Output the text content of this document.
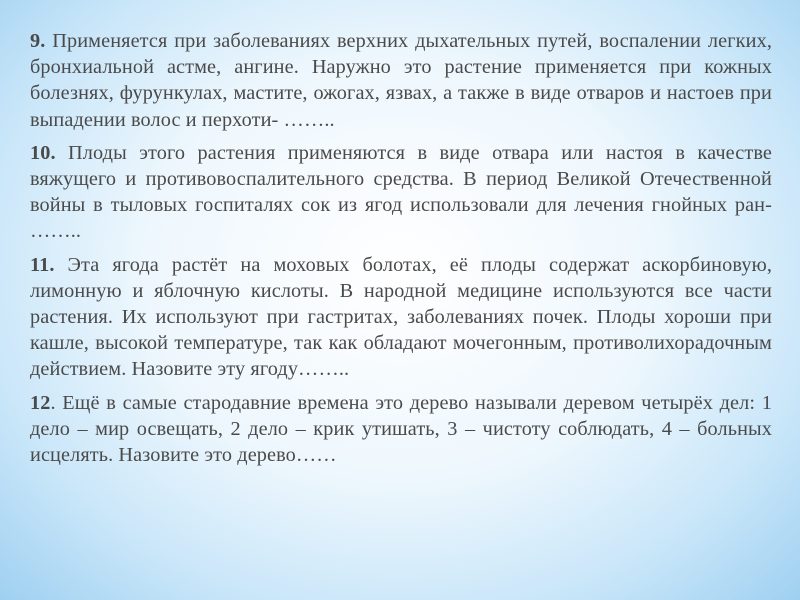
9. Применяется при заболеваниях верхних дыхательных путей, воспалении легких, бронхиальной астме, ангине. Наружно это растение применяется при кожных болезнях, фурункулах, мастите, ожогах, язвах, а также в виде отваров и настоев при выпадении волос и перхоти- ……..

10. Плоды этого растения применяются в виде отвара или настоя в качестве вяжущего и противовоспалительного средства. В период Великой Отечественной войны в тыловых госпиталях сок из ягод использовали для лечения гнойных ран- ……..

11. Эта ягода растёт на моховых болотах, её плоды содержат аскорбиновую, лимонную и яблочную кислоты. В народной медицине используются все части растения. Их используют при гастритах, заболеваниях почек. Плоды хороши при кашле, высокой температуре, так как обладают мочегонным, противолихорадочным действием. Назовите эту ягоду……..

12. Ещё в самые стародавние времена это дерево называли деревом четырёх дел: 1 дело – мир освещать, 2 дело – крик утишать, 3 – чистоту соблюдать, 4 – больных исцелять. Назовите это дерево……
